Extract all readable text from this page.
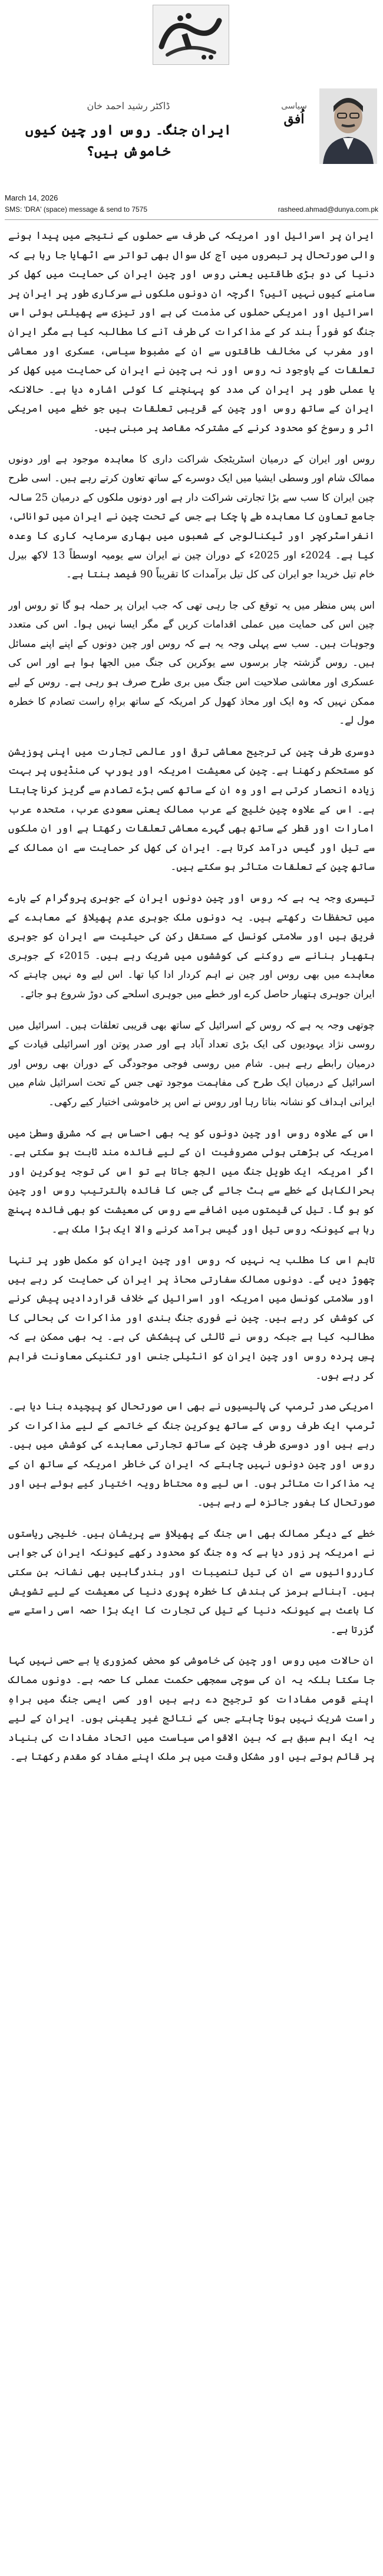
سیاسی
اُفق
ڈاکٹر رشید احمد خان
ایران جنگ۔ روس اور چین کیوں خاموش ہیں؟
March 14, 2026
SMS: 'DRA' (space) message & send to 7575	rasheed.ahmad@dunya.com.pk

ایران پر اسرائیل اور امریکہ کی طرف سے حملوں کے نتیجے میں پیدا ہونے والی صورتحال پر تبصروں میں آج کل سوال بھی تواتر سے اٹھایا جا رہا ہے کہ دنیا کی دو بڑی طاقتیں یعنی روس اور چین ایران کی حمایت میں کھل کر سامنے کیوں نہیں آئیں؟ اگرچہ ان دونوں ملکوں نے سرکاری طور پر ایران پر اسرائیل اور امریکی حملوں کی مذمت کی ہے اور تیزی سے پھیلتی ہوئی اس جنگ کو فوراً بند کر کے مذاکرات کی طرف آنے کا مطالبہ کیا ہے مگر ایران اور مغرب کی مخالف طاقتوں سے ان کے مضبوط سیاسی، عسکری اور معاشی تعلقات کے باوجود نہ روس اور نہ ہی چین نے ایران کی حمایت میں کھل کر یا عملی طور پر ایران کی مدد کو پہنچنے کا کوئی اشارہ دیا ہے۔ حالانکہ ایران کے ساتھ روس اور چین کے قریبی تعلقات ہیں جو خطے میں امریکی اثر و رسوخ کو محدود کرنے کے مشترکہ مقاصد پر مبنی ہیں۔

روس اور ایران کے درمیان اسٹریٹجک شراکت داری کا معاہدہ موجود ہے اور دونوں ممالک شام اور وسطی ایشیا میں ایک دوسرے کے ساتھ تعاون کرتے رہے ہیں۔ اسی طرح چین ایران کا سب سے بڑا تجارتی شراکت دار ہے اور دونوں ملکوں کے درمیان 25 سالہ جامع تعاون کا معاہدہ طے پا چکا ہے جس کے تحت چین نے ایران میں توانائی، انفراسٹرکچر اور ٹیکنالوجی کے شعبوں میں بھاری سرمایہ کاری کا وعدہ کیا ہے۔ 2024ء اور 2025ء کے دوران چین نے ایران سے یومیہ اوسطاً 13 لاکھ بیرل خام تیل خریدا جو ایران کی کل تیل برآمدات کا تقریباً 90 فیصد بنتا ہے۔

اس پس منظر میں یہ توقع کی جا رہی تھی کہ جب ایران پر حملہ ہو گا تو روس اور چین اس کی حمایت میں عملی اقدامات کریں گے مگر ایسا نہیں ہوا۔ اس کی متعدد وجوہات ہیں۔ سب سے پہلی وجہ یہ ہے کہ روس اور چین دونوں کے اپنے اپنے مسائل ہیں۔ روس گزشتہ چار برسوں سے یوکرین کی جنگ میں الجھا ہوا ہے اور اس کی عسکری اور معاشی صلاحیت اس جنگ میں بری طرح صرف ہو رہی ہے۔ روس کے لیے ممکن نہیں کہ وہ ایک اور محاذ کھول کر امریکہ کے ساتھ براہِ راست تصادم کا خطرہ مول لے۔

دوسری طرف چین کی ترجیح معاشی ترقی اور عالمی تجارت میں اپنی پوزیشن کو مستحکم رکھنا ہے۔ چین کی معیشت امریکہ اور یورپ کی منڈیوں پر بہت زیادہ انحصار کرتی ہے اور وہ ان کے ساتھ کسی بڑے تصادم سے گریز کرنا چاہتا ہے۔ اس کے علاوہ چین خلیج کے عرب ممالک یعنی سعودی عرب، متحدہ عرب امارات اور قطر کے ساتھ بھی گہرے معاشی تعلقات رکھتا ہے اور ان ملکوں سے تیل اور گیس درآمد کرتا ہے۔ ایران کی کھل کر حمایت سے ان ممالک کے ساتھ چین کے تعلقات متاثر ہو سکتے ہیں۔

تیسری وجہ یہ ہے کہ روس اور چین دونوں ایران کے جوہری پروگرام کے بارے میں تحفظات رکھتے ہیں۔ یہ دونوں ملک جوہری عدم پھیلاؤ کے معاہدے کے فریق ہیں اور سلامتی کونسل کے مستقل رکن کی حیثیت سے ایران کو جوہری ہتھیار بنانے سے روکنے کی کوششوں میں شریک رہے ہیں۔ 2015ء کے جوہری معاہدے میں بھی روس اور چین نے اہم کردار ادا کیا تھا۔ اس لیے وہ نہیں چاہتے کہ ایران جوہری ہتھیار حاصل کرے اور خطے میں جوہری اسلحے کی دوڑ شروع ہو جائے۔

چوتھی وجہ یہ ہے کہ روس کے اسرائیل کے ساتھ بھی قریبی تعلقات ہیں۔ اسرائیل میں روسی نژاد یہودیوں کی ایک بڑی تعداد آباد ہے اور صدر پوتن اور اسرائیلی قیادت کے درمیان رابطے رہے ہیں۔ شام میں روسی فوجی موجودگی کے دوران بھی روس اور اسرائیل کے درمیان ایک طرح کی مفاہمت موجود تھی جس کے تحت اسرائیل شام میں ایرانی اہداف کو نشانہ بناتا رہا اور روس نے اس پر خاموشی اختیار کیے رکھی۔

اس کے علاوہ روس اور چین دونوں کو یہ بھی احساس ہے کہ مشرقِ وسطیٰ میں امریکہ کی بڑھتی ہوئی مصروفیت ان کے لیے فائدہ مند ثابت ہو سکتی ہے۔ اگر امریکہ ایک طویل جنگ میں الجھ جاتا ہے تو اس کی توجہ یوکرین اور بحرالکاہل کے خطے سے ہٹ جائے گی جس کا فائدہ بالترتیب روس اور چین کو ہو گا۔ تیل کی قیمتوں میں اضافے سے روس کی معیشت کو بھی فائدہ پہنچ رہا ہے کیونکہ روس تیل اور گیس برآمد کرنے والا ایک بڑا ملک ہے۔

تاہم اس کا مطلب یہ نہیں کہ روس اور چین ایران کو مکمل طور پر تنہا چھوڑ دیں گے۔ دونوں ممالک سفارتی محاذ پر ایران کی حمایت کر رہے ہیں اور سلامتی کونسل میں امریکہ اور اسرائیل کے خلاف قراردادیں پیش کرنے کی کوشش کر رہے ہیں۔ چین نے فوری جنگ بندی اور مذاکرات کی بحالی کا مطالبہ کیا ہے جبکہ روس نے ثالثی کی پیشکش کی ہے۔ یہ بھی ممکن ہے کہ پسِ پردہ روس اور چین ایران کو انٹیلی جنس اور تکنیکی معاونت فراہم کر رہے ہوں۔

امریکی صدر ٹرمپ کی پالیسیوں نے بھی اس صورتحال کو پیچیدہ بنا دیا ہے۔ ٹرمپ ایک طرف روس کے ساتھ یوکرین جنگ کے خاتمے کے لیے مذاکرات کر رہے ہیں اور دوسری طرف چین کے ساتھ تجارتی معاہدے کی کوشش میں ہیں۔ روس اور چین دونوں نہیں چاہتے کہ ایران کی خاطر امریکہ کے ساتھ ان کے یہ مذاکرات متاثر ہوں۔ اس لیے وہ محتاط رویہ اختیار کیے ہوئے ہیں اور صورتحال کا بغور جائزہ لے رہے ہیں۔

خطے کے دیگر ممالک بھی اس جنگ کے پھیلاؤ سے پریشان ہیں۔ خلیجی ریاستوں نے امریکہ پر زور دیا ہے کہ وہ جنگ کو محدود رکھے کیونکہ ایران کی جوابی کارروائیوں سے ان کی تیل تنصیبات اور بندرگاہیں بھی نشانہ بن سکتی ہیں۔ آبنائے ہرمز کی بندش کا خطرہ پوری دنیا کی معیشت کے لیے تشویش کا باعث ہے کیونکہ دنیا کے تیل کی تجارت کا ایک بڑا حصہ اسی راستے سے گزرتا ہے۔

ان حالات میں روس اور چین کی خاموشی کو محض کمزوری یا بے حسی نہیں کہا جا سکتا بلکہ یہ ان کی سوچی سمجھی حکمت عملی کا حصہ ہے۔ دونوں ممالک اپنے قومی مفادات کو ترجیح دے رہے ہیں اور کسی ایسی جنگ میں براہِ راست شریک نہیں ہونا چاہتے جس کے نتائج غیر یقینی ہوں۔ ایران کے لیے یہ ایک اہم سبق ہے کہ بین الاقوامی سیاست میں اتحاد مفادات کی بنیاد پر قائم ہوتے ہیں اور مشکل وقت میں ہر ملک اپنے مفاد کو مقدم رکھتا ہے۔
